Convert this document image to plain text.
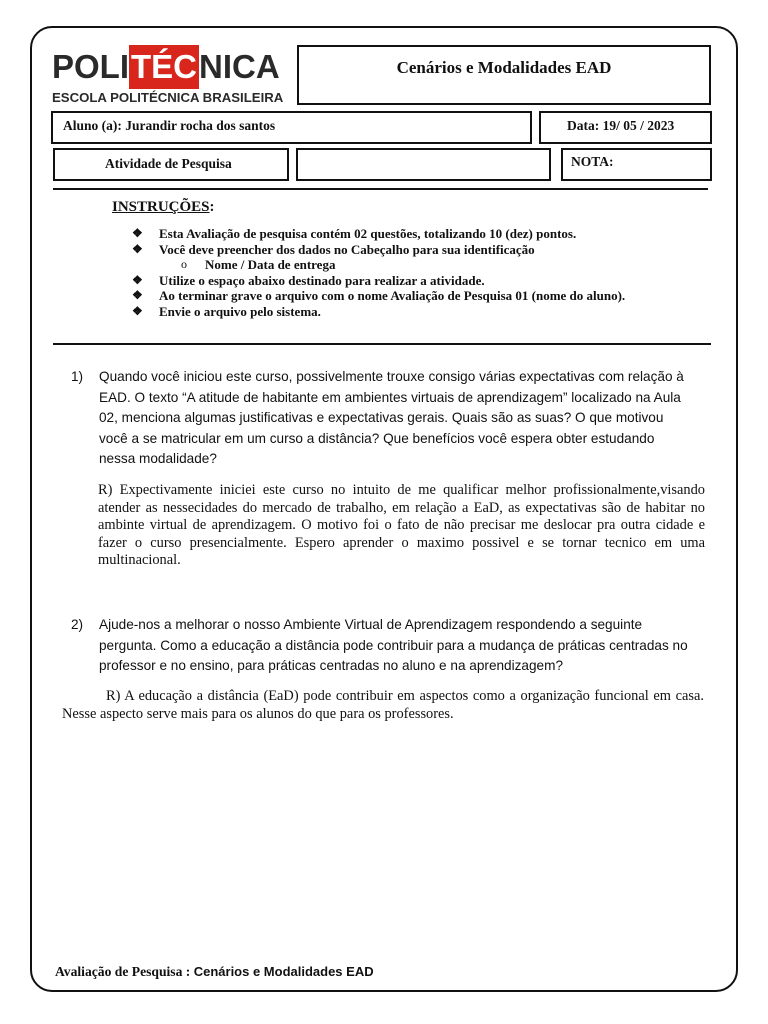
POLITÉCNICA
ESCOLA POLITÉCNICA BRASILEIRA
Cenários e Modalidades EAD
Aluno (a): Jurandir rocha dos santos	Data: 19/ 05 / 2023
Atividade de Pesquisa	NOTA:
INSTRUÇÕES:
❖ Esta Avaliação de pesquisa contém 02 questões, totalizando 10 (dez) pontos.
❖ Você deve preencher dos dados no Cabeçalho para sua identificação
o Nome / Data de entrega
❖ Utilize o espaço abaixo destinado para realizar a atividade.
❖ Ao terminar grave o arquivo com o nome Avaliação de Pesquisa 01 (nome do aluno).
❖ Envie o arquivo pelo sistema.
1) Quando você iniciou este curso, possivelmente trouxe consigo várias expectativas com relação à EAD. O texto “A atitude de habitante em ambientes virtuais de aprendizagem” localizado na Aula 02, menciona algumas justificativas e expectativas gerais. Quais são as suas? O que motivou você a se matricular em um curso a distância? Que benefícios você espera obter estudando nessa modalidade?
R) Expectivamente iniciei este curso no intuito de me qualificar melhor profissionalmente,visando atender as nessecidades do mercado de trabalho, em relação a EaD, as expectativas são de habitar no ambinte virtual de aprendizagem. O motivo foi o fato de não precisar me deslocar pra outra cidade e fazer o curso presencialmente. Espero aprender o maximo possivel e se tornar tecnico em uma multinacional.
2) Ajude-nos a melhorar o nosso Ambiente Virtual de Aprendizagem respondendo a seguinte pergunta. Como a educação a distância pode contribuir para a mudança de práticas centradas no professor e no ensino, para práticas centradas no aluno e na aprendizagem?
R) A educação a distância (EaD) pode contribuir em aspectos como a organização funcional em casa. Nesse aspecto serve mais para os alunos do que para os professores.
Avaliação de Pesquisa : Cenários e Modalidades EAD
